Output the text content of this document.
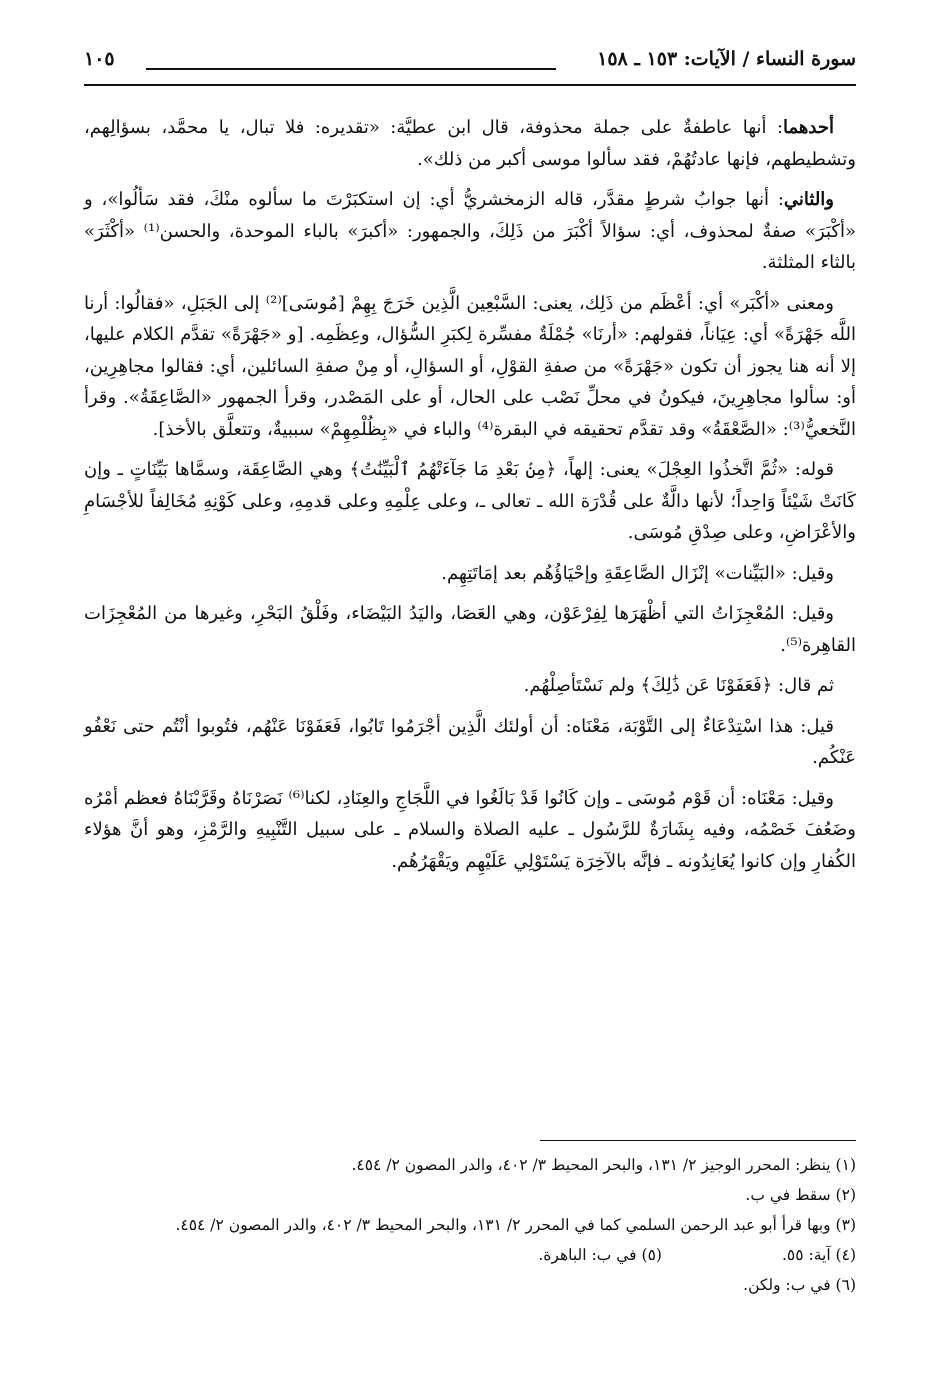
سورة النساء / الآيات: ١٥٣ ـ ١٥٨
١٠٥

أحدهما: أنها عاطفةٌ على جملة محذوفة، قال ابن عطيَّة: «تقديره: فلا تبال، يا محمَّد، بسؤالِهم، وتشطيطهم، فإنها عادتُهُمْ، فقد سألوا موسى أكبر من ذلك».

والثاني: أنها جوابُ شرطٍ مقدَّر، قاله الزمخشريُّ أي: إن استكبَرْتَ ما سألوه منْكَ، فقد سَألُوا»، و «أكْبَرَ» صفةٌ لمحذوف، أي: سؤالاً أكْبَرَ من ذَلِكَ، والجمهور: «أكبرَ» بالباء الموحدة، والحسن⁽¹⁾ «أكْثَرَ» بالثاء المثلثة.

ومعنى «أكْبَر» أي: أعْظَم من ذَلِك، يعنى: السَّبْعِين الَّذِين خَرَجَ بِهِمْ [مُوسَى]⁽²⁾ إلى الجَبَلِ، «فقالُوا: أرنا اللَّه جَهْرَةً» أي: عِيَاناً، فقولهم: «أرنَا» جُمْلَةٌ مفسِّرة لِكبَرِ السُّؤال، وعِظَمِه. [و «جَهْرَةً» تقدَّم الكلام عليها، إلا أنه هنا يجوز أن تكون «جَهْرَةً» من صفةِ القوْلِ، أو السؤالِ، أو مِنْ صفةِ السائلين، أي: فقالوا مجاهِرِين، أو: سألوا مجاهِرِينَ، فيكونُ في محلِّ نَصْب على الحال، أو على المَصْدر، وقرأ الجمهور «الصَّاعِقَةُ». وقرأ النَّخعيُّ⁽³⁾: «الصَّعْقَةُ» وقد تقدَّم تحقيقه في البقرة⁽⁴⁾ والباء في «بِظُلْمِهِمْ» سببيةٌ، وتتعلَّق بالأخذ].

قوله: «ثُمَّ اتَّخذُوا العِجْلَ» يعنى: إلهاً، ﴿مِنۢ بَعْدِ مَا جَآءَتْهُمُ ٱلْبَيِّنَٰتُ﴾ وهي الصَّاعِقَة، وسمَّاها بَيِّنَاتٍ ـ وإن كَانَتْ شَيْئاً وَاحِداً؛ لأنها دالَّةٌ على قُدْرَة الله ـ تعالى ـ، وعلى عِلْمِهِ وعلى قدمِهِ، وعلى كَوْنِهِ مُخَالِفاً للأجْسَامِ والأعْرَاضِ، وعلى صِدْقِ مُوسَى.

وقيل: «البَيِّنات» إنْزَال الصَّاعِقَةِ وإحْيَاؤُهُم بعد إمَاتَتِهِم.

وقيل: المُعْجِزَاتُ التي أظْهَرَها لِفِرْعَوْن، وهي العَصَا، واليَدُ البَيْضَاء، وفَلْقُ البَحْرِ، وغيرها من المُعْجِزَات القاهِرة⁽⁵⁾.

ثم قال: ﴿فَعَفَوْنَا عَن ذَٰلِكَ﴾ ولم نَسْتَأصِلْهُم.

قيل: هذا اسْتِدْعَاءٌ إلى التَّوْبَة، مَعْنَاه: أن أولئك الَّذِين أجْرَمُوا تَابُوا، فَعَفَوْنَا عَنْهُم، فتُوبوا أنْتُم حتى نَعْفُو عَنْكُم.

وقيل: مَعْنَاه: أن قَوْم مُوسَى ـ وإن كَانُوا قَدْ بَالَغُوا في اللَّجَاجِ والعِنَادِ، لكنا⁽⁶⁾ نَصَرْنَاهُ وقَرَّبْنَاهُ فعظم أمْرُه وضَعُفَ خَصْمُه، وفيه بِشَارَةٌ للرَّسُول ـ عليه الصلاة والسلام ـ على سبيل التَّنْبِيهِ والرَّمْزِ، وهو أنَّ هؤلاء الكُفارِ وإن كانوا يُعَانِدُونه ـ فإنَّه بالآخِرَة يَسْتَوْلِي عَلَيْهِم ويَقْهَرُهُم.

(١) ينظر: المحرر الوجيز ٢/ ١٣١، والبحر المحيط ٣/ ٤٠٢، والدر المصون ٢/ ٤٥٤.

(٢) سقط في ب.

(٣) وبها قرأ أبو عبد الرحمن السلمي كما في المحرر ٢/ ١٣١، والبحر المحيط ٣/ ٤٠٢، والدر المصون ٢/ ٤٥٤.

(٤) آية: ٥٥.
(٥) في ب: الباهرة.

(٦) في ب: ولكن.
